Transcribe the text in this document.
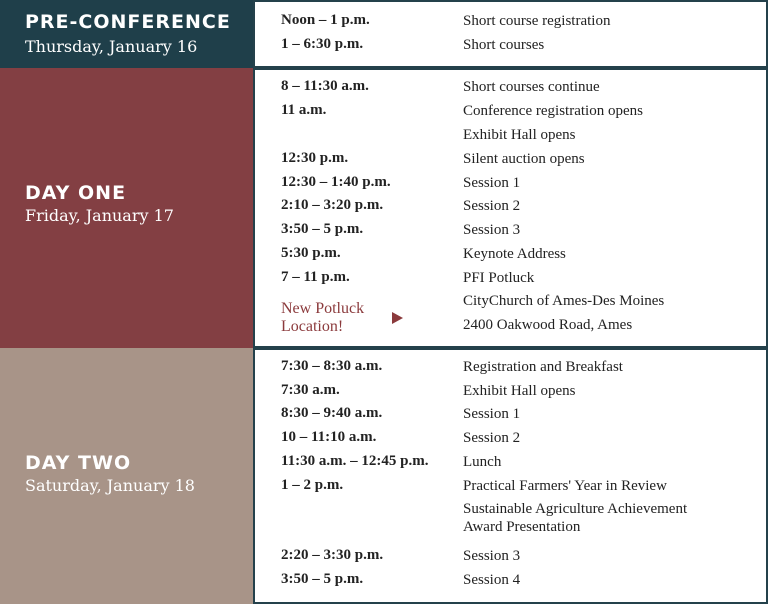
PRE-CONFERENCE
Thursday, January 16
Noon – 1 p.m.	Short course registration
1 – 6:30 p.m.	Short courses
DAY ONE
Friday, January 17
8 – 11:30 a.m.	Short courses continue
11 a.m.	Conference registration opens
Exhibit Hall opens
12:30 p.m.	Silent auction opens
12:30 – 1:40 p.m.	Session 1
2:10 – 3:20 p.m.	Session 2
3:50 – 5 p.m.	Session 3
5:30 p.m.	Keynote Address
7 – 11 p.m.	PFI Potluck
CityChurch of Ames-Des Moines
2400 Oakwood Road, Ames
New Potluck
Location!
DAY TWO
Saturday, January 18
7:30 – 8:30 a.m.	Registration and Breakfast
7:30 a.m.	Exhibit Hall opens
8:30 – 9:40 a.m.	Session 1
10 – 11:10 a.m.	Session 2
11:30 a.m. – 12:45 p.m. Lunch
1 – 2 p.m.	Practical Farmers' Year in Review
Sustainable Agriculture Achievement
Award Presentation
2:20 – 3:30 p.m.	Session 3
3:50 – 5 p.m.	Session 4
